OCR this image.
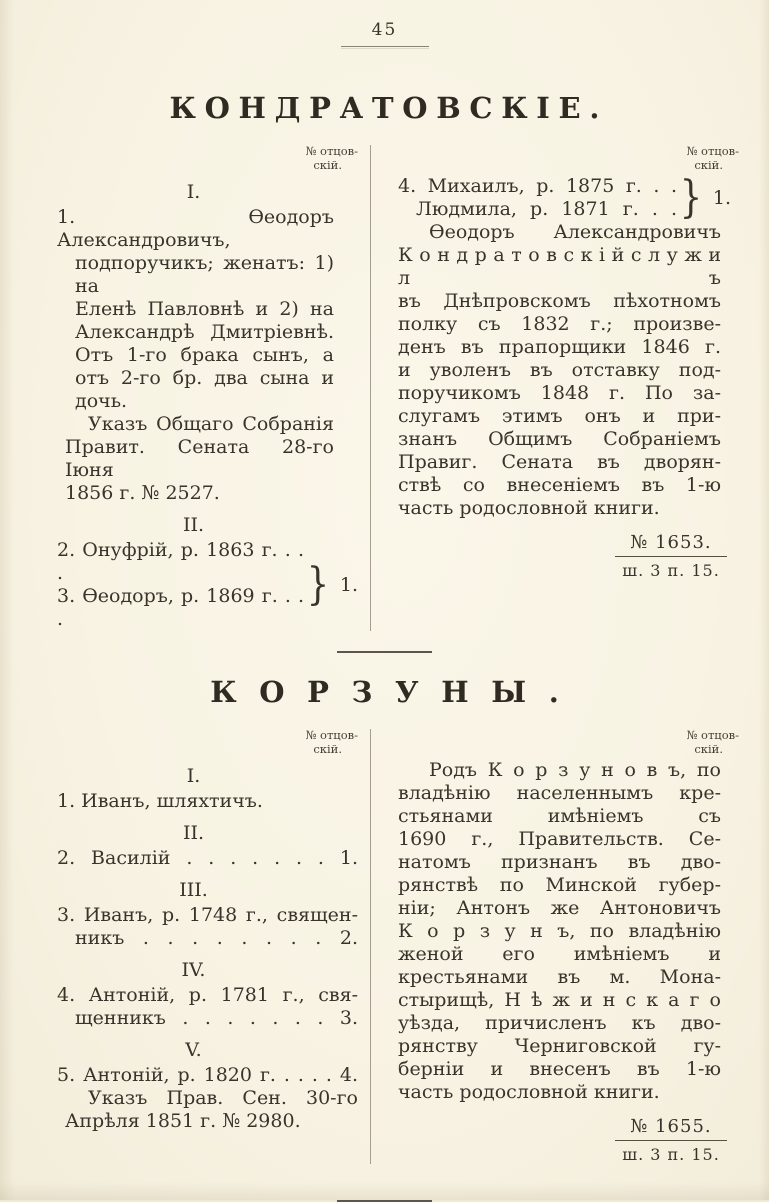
45
КОНДРАТОВСКІЕ.
№ отцов-
скій.
I.
1. Ѳеодоръ Александровичъ,
подпоручикъ; женатъ: 1) на
Еленѣ Павловнѣ и 2) на
Александрѣ Дмитріевнѣ.
Отъ 1-го брака сынъ, а
отъ 2-го бр. два сына и
дочь.
Указъ Общаго Собранія
Правит. Сената 28-го Іюня
1856 г. № 2527.
II.
2. Онуфрій, р. 1863 г. . . .
3. Ѳеодоръ, р. 1869 г. . . .
} 1.
№ отцов-
скій.
4. Михаилъ, р. 1875 г. . .
Людмила, р. 1871 г. . . } 1.
Ѳеодоръ Александровичъ
К о н д р а т о в с к і й с л у ж и л ъ
въ Днѣпровскомъ пѣхотномъ
полку съ 1832 г.; произве-
денъ въ прапорщики 1846 г.
и уволенъ въ отставку под-
поручикомъ 1848 г. По за-
слугамъ этимъ онъ и при-
знанъ Общимъ Собраніемъ
Правиг. Сената въ дворян-
ствѣ со внесеніемъ въ 1-ю
часть родословной книги.
№ 1653.
ш. 3 п. 15.
КОРЗУНЫ.
№ отцов-
скій.
I.
1. Иванъ, шляхтичъ.
II.
2. Василій . . . . . . . 1.
III.
3. Иванъ, р. 1748 г., священ-
никъ . . . . . . . . 2.
IV.
4. Антоній, р. 1781 г., свя-
щенникъ . . . . . . . 3.
V.
5. Антоній, р. 1820 г. . . . . 4.
Указъ Прав. Сен. 30-го
Апрѣля 1851 г. № 2980.
№ отцов-
скій.
Родъ К о р з у н о в ъ, по
владѣнію населеннымъ кре-
стьянами имѣніемъ съ
1690 г., Правительств. Се-
натомъ признанъ въ дво-
рянствѣ по Минской губер-
ніи; Антонъ же Антоновичъ
К о р з у н ъ, по владѣнію
женой его имѣніемъ и
крестьянами въ м. Мона-
стырищѣ, Н ѣ ж и н с к а г о
уѣзда, причисленъ къ дво-
рянству Черниговской гу-
берніи и внесенъ въ 1-ю
часть родословной книги.
№ 1655.
ш. 3 п. 15.
